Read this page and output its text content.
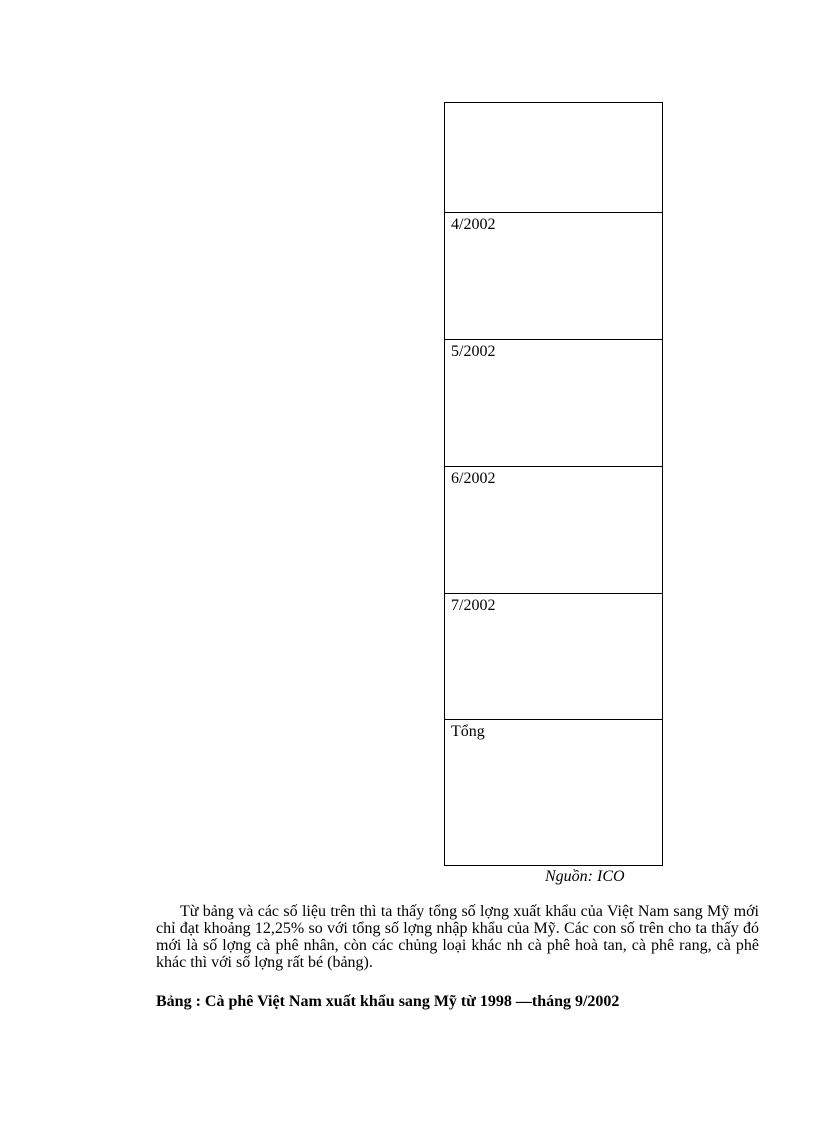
4/2002
5/2002
6/2002
7/2002
Tổng
Nguồn: ICO

Từ bảng và các số liệu trên thì ta thấy tổng số lợng xuất khẩu của Việt Nam sang Mỹ mới chỉ đạt khoảng 12,25% so với tổng số lợng nhập khẩu của Mỹ. Các con số trên cho ta thấy đó mới là số lợng cà phê nhân, còn các chủng loại khác nh cà phê hoà tan, cà phê rang, cà phê khác thì với số lợng rất bé (bảng).

Bảng : Cà phê Việt Nam xuất khẩu sang Mỹ từ 1998 —tháng 9/2002
